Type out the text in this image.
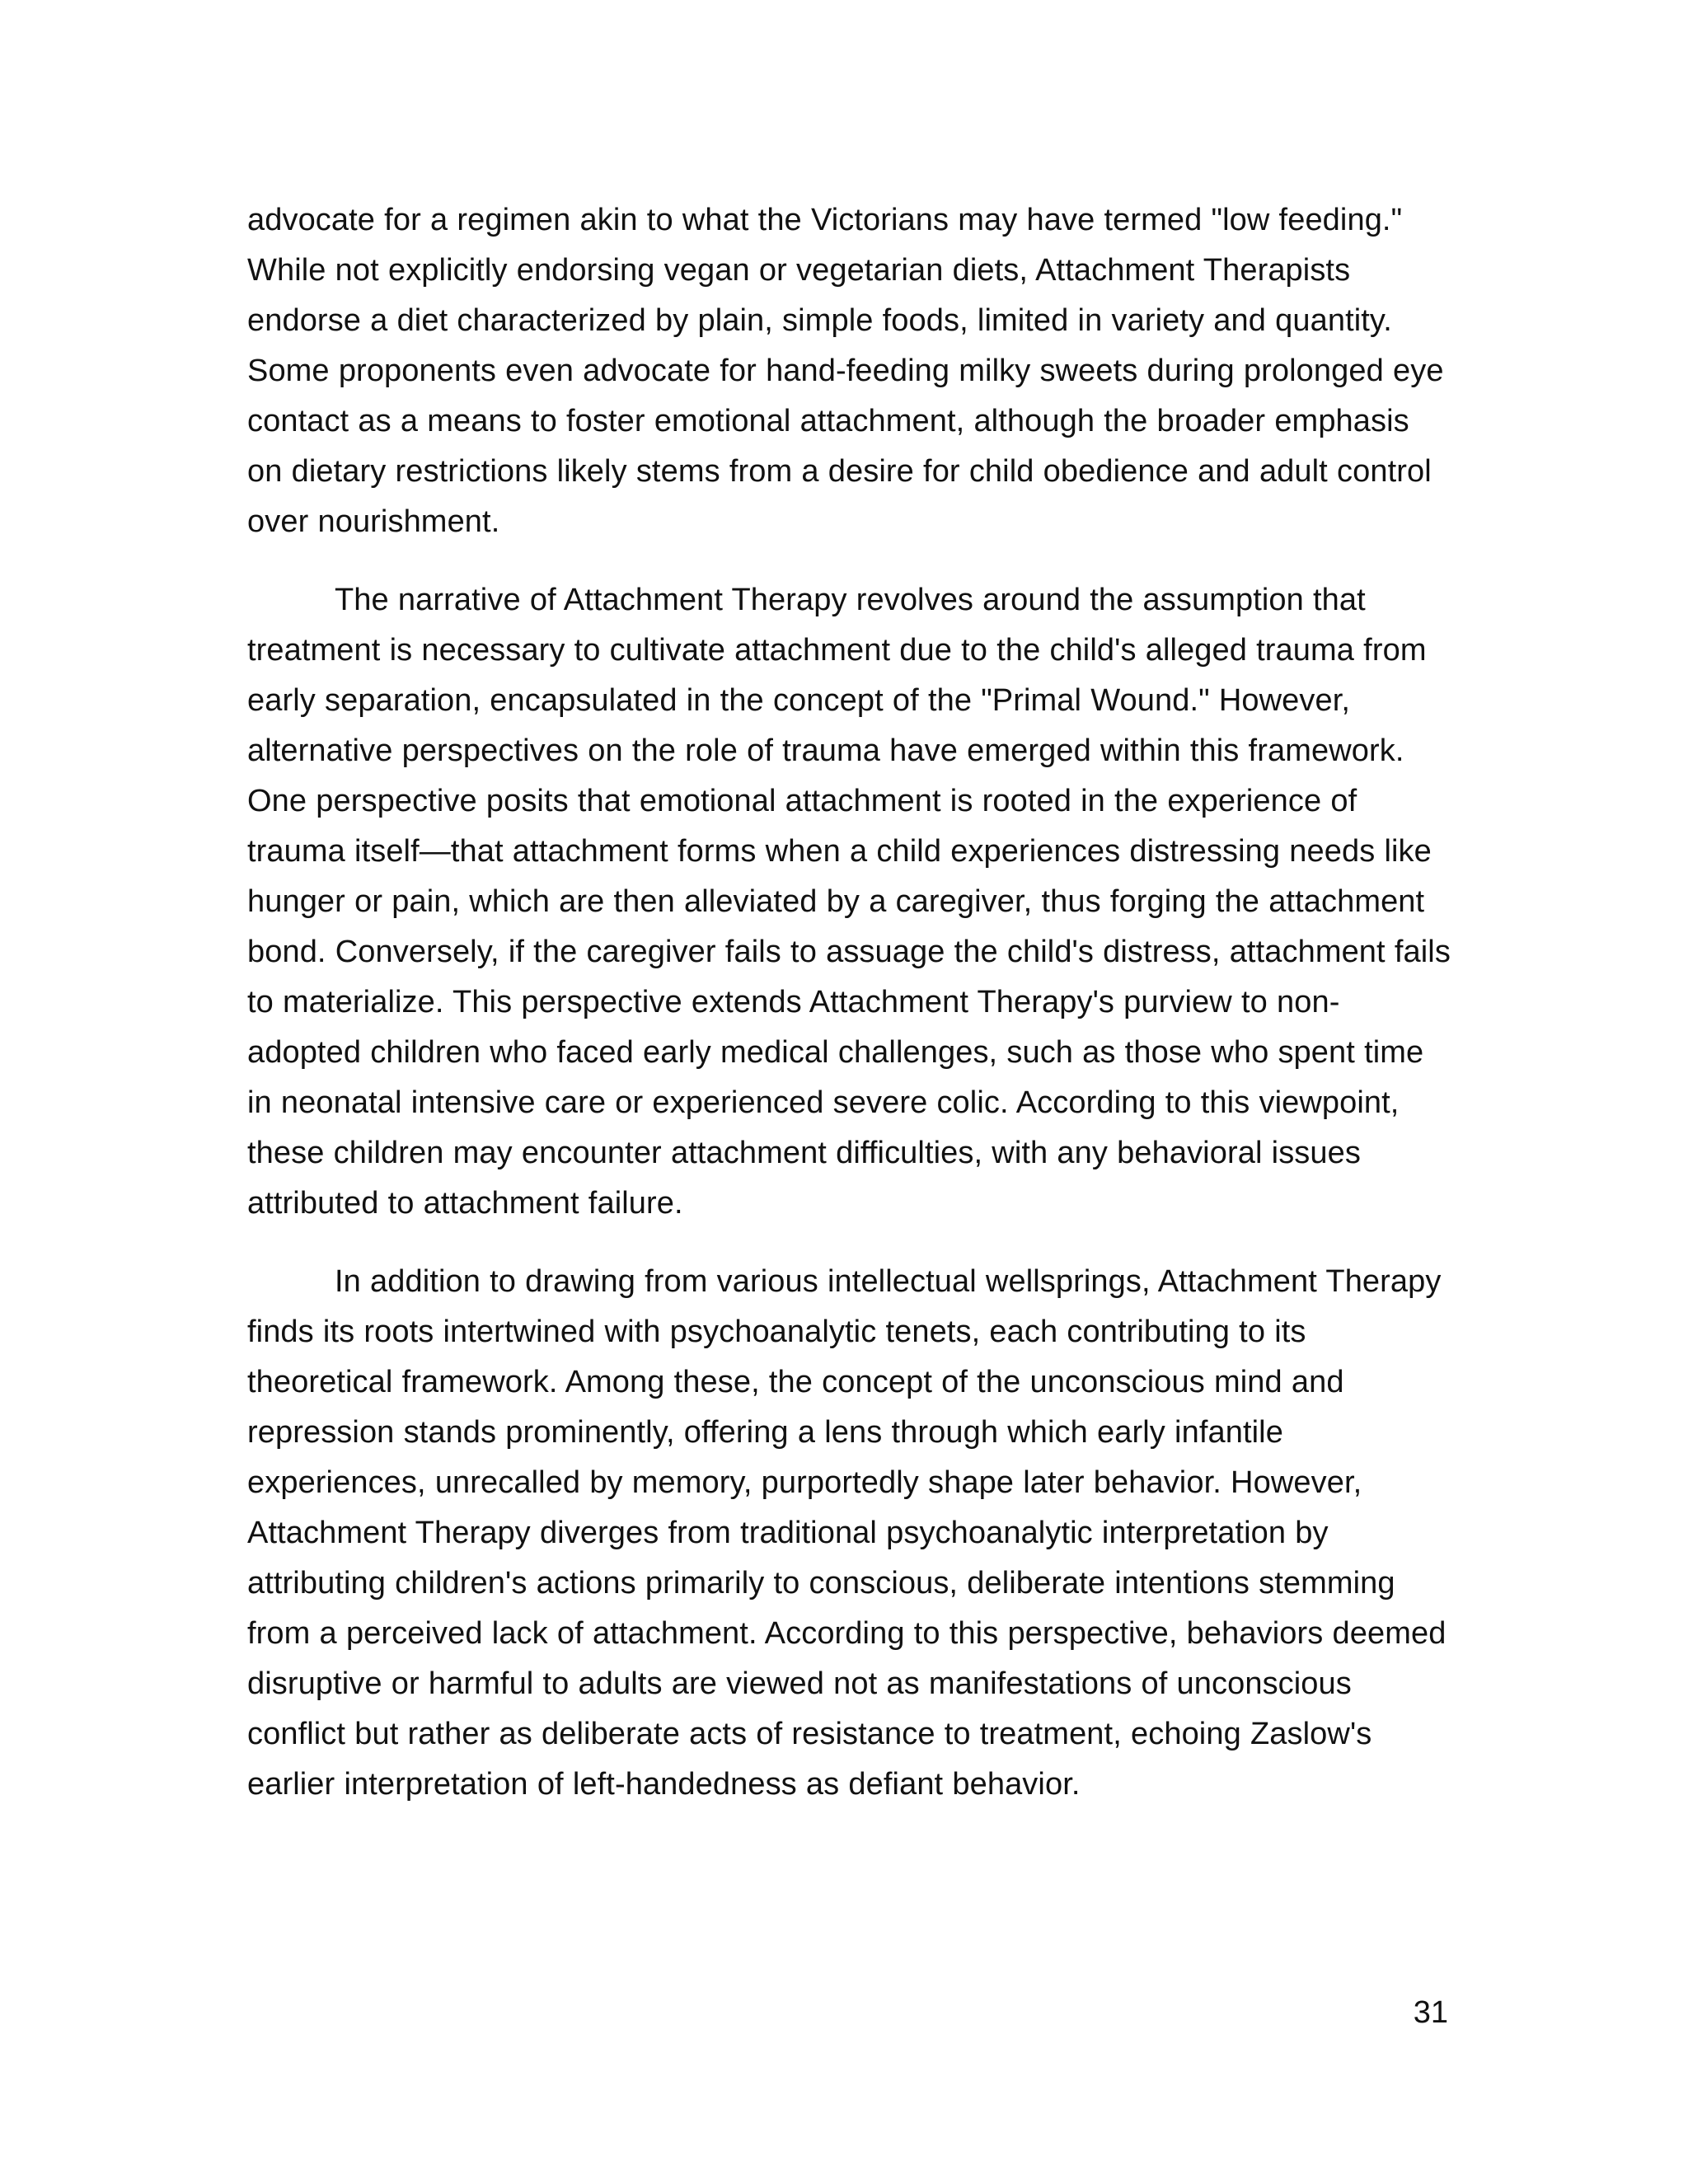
advocate for a regimen akin to what the Victorians may have termed "low feeding." While not explicitly endorsing vegan or vegetarian diets, Attachment Therapists endorse a diet characterized by plain, simple foods, limited in variety and quantity. Some proponents even advocate for hand-feeding milky sweets during prolonged eye contact as a means to foster emotional attachment, although the broader emphasis on dietary restrictions likely stems from a desire for child obedience and adult control over nourishment.

The narrative of Attachment Therapy revolves around the assumption that treatment is necessary to cultivate attachment due to the child's alleged trauma from early separation, encapsulated in the concept of the "Primal Wound." However, alternative perspectives on the role of trauma have emerged within this framework. One perspective posits that emotional attachment is rooted in the experience of trauma itself—that attachment forms when a child experiences distressing needs like hunger or pain, which are then alleviated by a caregiver, thus forging the attachment bond. Conversely, if the caregiver fails to assuage the child's distress, attachment fails to materialize. This perspective extends Attachment Therapy's purview to non-adopted children who faced early medical challenges, such as those who spent time in neonatal intensive care or experienced severe colic. According to this viewpoint, these children may encounter attachment difficulties, with any behavioral issues attributed to attachment failure.

In addition to drawing from various intellectual wellsprings, Attachment Therapy finds its roots intertwined with psychoanalytic tenets, each contributing to its theoretical framework. Among these, the concept of the unconscious mind and repression stands prominently, offering a lens through which early infantile experiences, unrecalled by memory, purportedly shape later behavior. However, Attachment Therapy diverges from traditional psychoanalytic interpretation by attributing children's actions primarily to conscious, deliberate intentions stemming from a perceived lack of attachment. According to this perspective, behaviors deemed disruptive or harmful to adults are viewed not as manifestations of unconscious conflict but rather as deliberate acts of resistance to treatment, echoing Zaslow's earlier interpretation of left-handedness as defiant behavior.

31
